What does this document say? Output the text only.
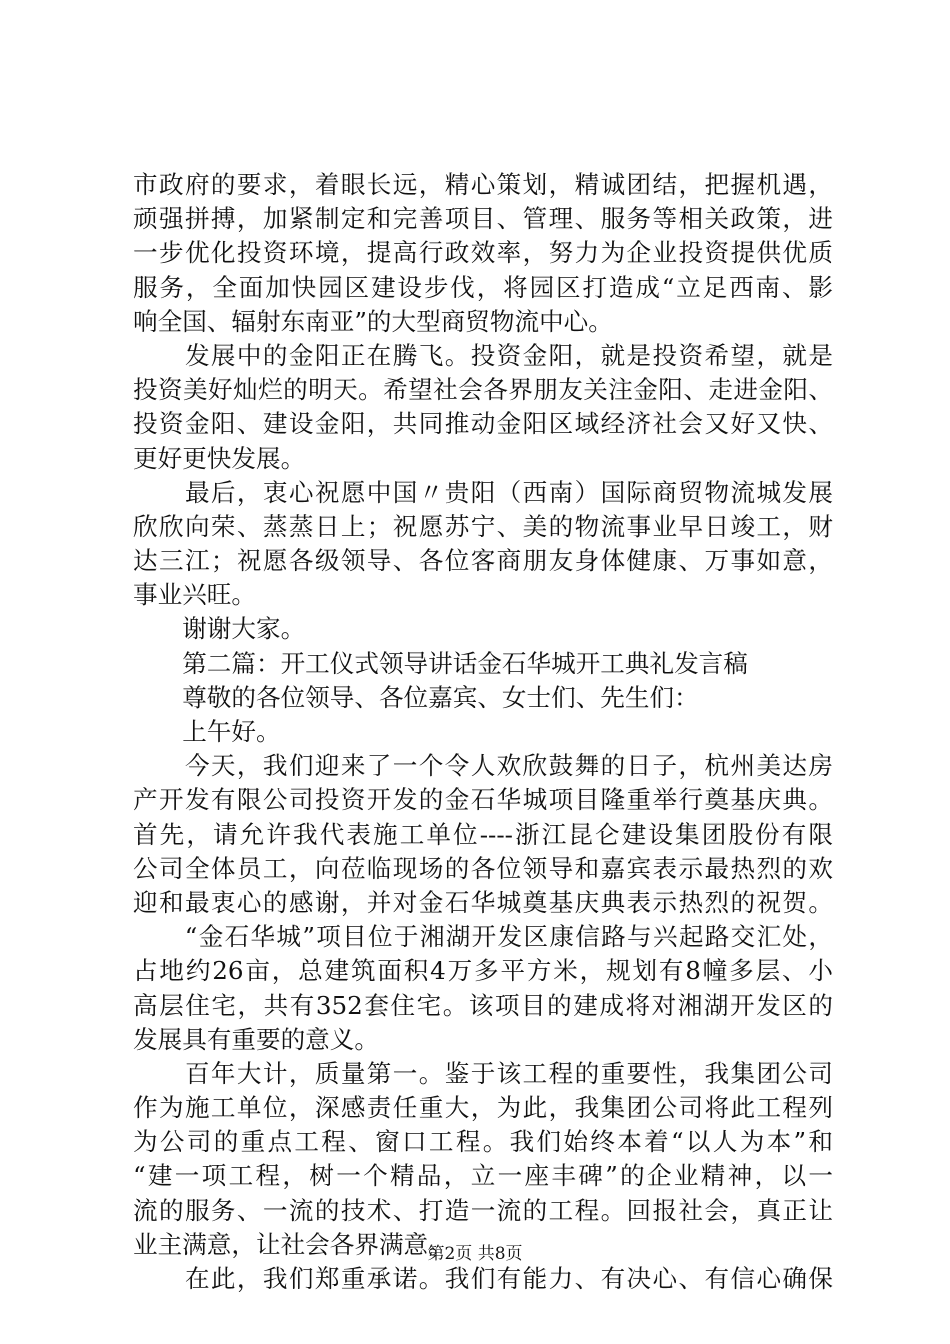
市政府的要求，着眼长远，精心策划，精诚团结，把握机遇，
顽强拼搏，加紧制定和完善项目、管理、服务等相关政策，进
一步优化投资环境，提高行政效率，努力为企业投资提供优质
服务，全面加快园区建设步伐，将园区打造成“立足西南、影
响全国、辐射东南亚”的大型商贸物流中心。
　　发展中的金阳正在腾飞。投资金阳，就是投资希望，就是
投资美好灿烂的明天。希望社会各界朋友关注金阳、走进金阳、
投资金阳、建设金阳，共同推动金阳区域经济社会又好又快、
更好更快发展。
　　最后，衷心祝愿中国〃贵阳（西南）国际商贸物流城发展
欣欣向荣、蒸蒸日上；祝愿苏宁、美的物流事业早日竣工，财
达三江；祝愿各级领导、各位客商朋友身体健康、万事如意，
事业兴旺。
　　谢谢大家。
　　第二篇：开工仪式领导讲话金石华城开工典礼发言稿
　　尊敬的各位领导、各位嘉宾、女士们、先生们：
　　上午好。
　　今天，我们迎来了一个令人欢欣鼓舞的日子，杭州美达房
产开发有限公司投资开发的金石华城项目隆重举行奠基庆典。
首先，请允许我代表施工单位----浙江昆仑建设集团股份有限
公司全体员工，向莅临现场的各位领导和嘉宾表示最热烈的欢
迎和最衷心的感谢，并对金石华城奠基庆典表示热烈的祝贺。
　　“金石华城”项目位于湘湖开发区康信路与兴起路交汇处，
占地约26亩，总建筑面积4万多平方米，规划有8幢多层、小
高层住宅，共有352套住宅。该项目的建成将对湘湖开发区的
发展具有重要的意义。
　　百年大计，质量第一。鉴于该工程的重要性，我集团公司
作为施工单位，深感责任重大，为此，我集团公司将此工程列
为公司的重点工程、窗口工程。我们始终本着“以人为本”和
“建一项工程，树一个精品，立一座丰碑”的企业精神，以一
流的服务、一流的技术、打造一流的工程。回报社会，真正让
业主满意，让社会各界满意。
　　在此，我们郑重承诺。我们有能力、有决心、有信心确保
第2页 共8页
